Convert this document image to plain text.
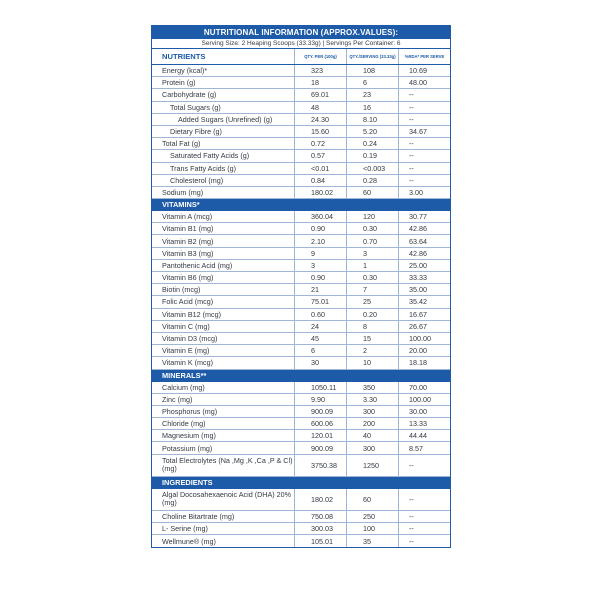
NUTRITIONAL INFORMATION (APPROX.VALUES):
Serving Size: 2 Heaping Scoops (33.33g) | Servings Per Container: 6
NUTRIENTS	QTY. PER (100g)	QTY./SERVING (33.33g)	%RDA* PER SERVE
Energy (kcal)*	323	108	10.69
Protein (g)	18	6	48.00
Carbohydrate (g)	69.01	23	--
Total Sugars (g)	48	16	--
Added Sugars (Unrefined) (g)	24.30	8.10	--
Dietary Fibre (g)	15.60	5.20	34.67
Total Fat (g)	0.72	0.24	--
Saturated Fatty Acids (g)	0.57	0.19	--
Trans Fatty Acids (g)	<0.01	<0.003	--
Cholesterol (mg)	0.84	0.28	--
Sodium (mg)	180.02	60	3.00
VITAMINS*
Vitamin A (mcg)	360.04	120	30.77
Vitamin B1 (mg)	0.90	0.30	42.86
Vitamin B2 (mg)	2.10	0.70	63.64
Vitamin B3 (mg)	9	3	42.86
Pantothenic Acid (mg)	3	1	25.00
Vitamin B6 (mg)	0.90	0.30	33.33
Biotin (mcg)	21	7	35.00
Folic Acid (mcg)	75.01	25	35.42
Vitamin B12 (mcg)	0.60	0.20	16.67
Vitamin C (mg)	24	8	26.67
Vitamin D3 (mcg)	45	15	100.00
Vitamin E (mg)	6	2	20.00
Vitamin K (mcg)	30	10	18.18
MINERALS**
Calcium (mg)	1050.11	350	70.00
Zinc (mg)	9.90	3.30	100.00
Phosphorus (mg)	900.09	300	30.00
Chloride (mg)	600.06	200	13.33
Magnesium (mg)	120.01	40	44.44
Potassium (mg)	900.09	300	8.57
Total Electrolytes (Na ,Mg ,K ,Ca ,P & Cl) (mg)	3750.38	1250	--
INGREDIENTS
Algal Docosahexaenoic Acid (DHA) 20% (mg)	180.02	60	--
Choline Bitartrate (mg)	750.08	250	--
L- Serine (mg)	300.03	100	--
Wellmune® (mg)	105.01	35	--
